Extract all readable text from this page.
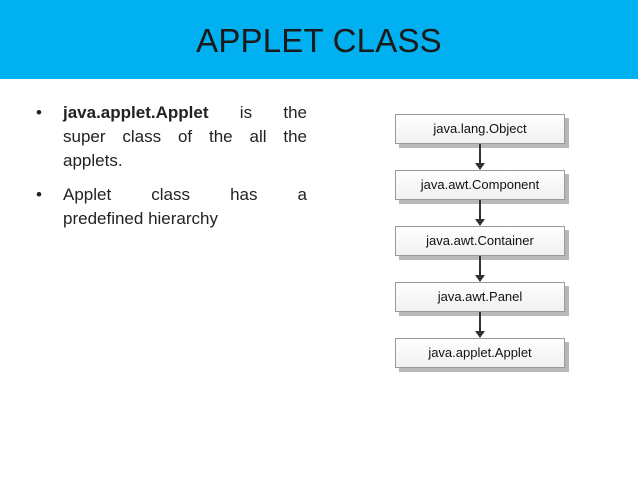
APPLET CLASS
•	java.applet.Applet is the
super class of the all the applets.
•	Applet class has a
predefined hierarchy
java.lang.Object
java.awt.Component
java.awt.Container
java.awt.Panel
java.applet.Applet
